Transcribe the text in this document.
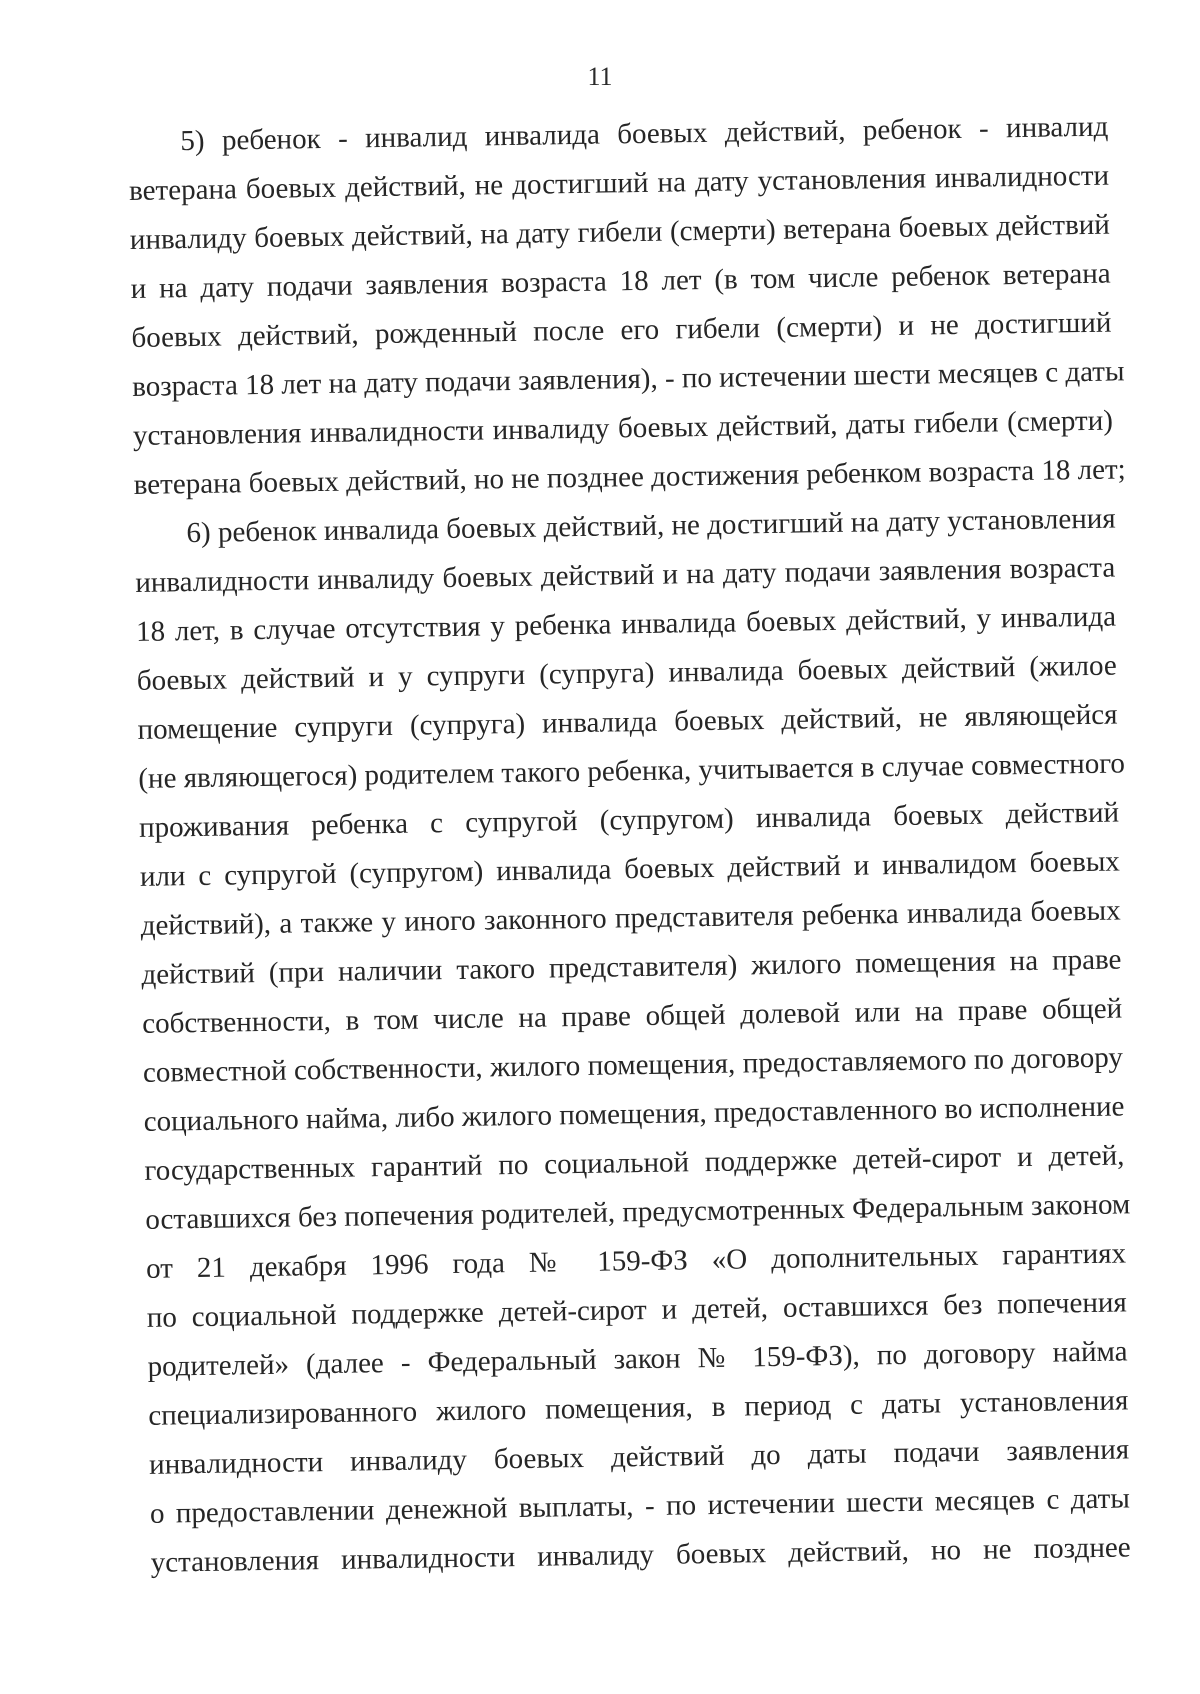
11
5) ребенок - инвалид инвалида боевых действий, ребенок - инвалид
ветерана боевых действий, не достигший на дату установления инвалидности
инвалиду боевых действий, на дату гибели (смерти) ветерана боевых действий
и на дату подачи заявления возраста 18 лет (в том числе ребенок ветерана
боевых действий, рожденный после его гибели (смерти) и не достигший
возраста 18 лет на дату подачи заявления), - по истечении шести месяцев с даты
установления инвалидности инвалиду боевых действий, даты гибели (смерти)
ветерана боевых действий, но не позднее достижения ребенком возраста 18 лет;
6) ребенок инвалида боевых действий, не достигший на дату установления
инвалидности инвалиду боевых действий и на дату подачи заявления возраста
18 лет, в случае отсутствия у ребенка инвалида боевых действий, у инвалида
боевых действий и у супруги (супруга) инвалида боевых действий (жилое
помещение супруги (супруга) инвалида боевых действий, не являющейся
(не являющегося) родителем такого ребенка, учитывается в случае совместного
проживания ребенка с супругой (супругом) инвалида боевых действий
или с супругой (супругом) инвалида боевых действий и инвалидом боевых
действий), а также у иного законного представителя ребенка инвалида боевых
действий (при наличии такого представителя) жилого помещения на праве
собственности, в том числе на праве общей долевой или на праве общей
совместной собственности, жилого помещения, предоставляемого по договору
социального найма, либо жилого помещения, предоставленного во исполнение
государственных гарантий по социальной поддержке детей-сирот и детей,
оставшихся без попечения родителей, предусмотренных Федеральным законом
от 21 декабря 1996 года № 159-ФЗ «О дополнительных гарантиях
по социальной поддержке детей-сирот и детей, оставшихся без попечения
родителей» (далее - Федеральный закон № 159-ФЗ), по договору найма
специализированного жилого помещения, в период с даты установления
инвалидности инвалиду боевых действий до даты подачи заявления
о предоставлении денежной выплаты, - по истечении шести месяцев с даты
установления инвалидности инвалиду боевых действий, но не позднее
